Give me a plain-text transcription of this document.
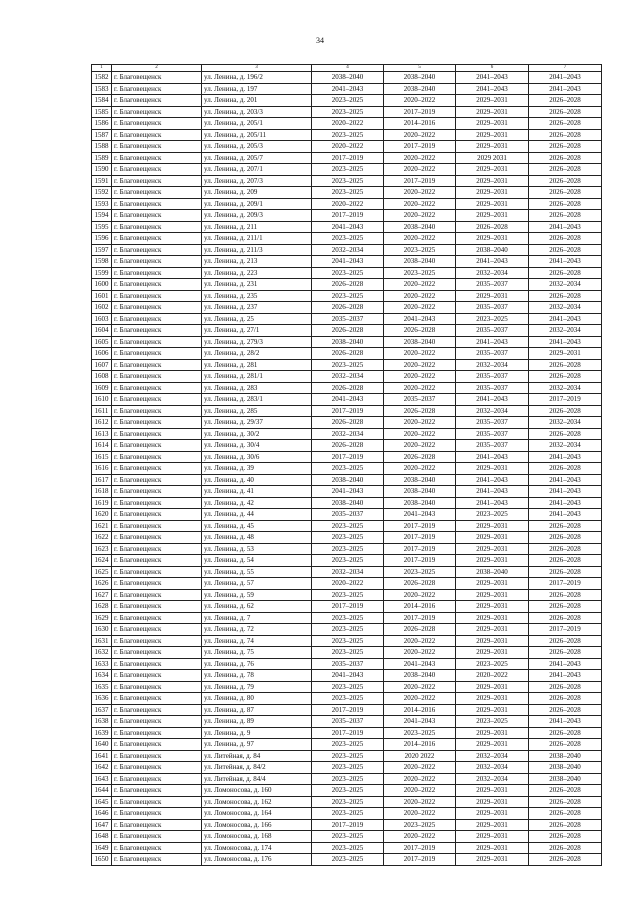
34
1	2	3	4	5	6	7
1582	г. Благовещенск	ул. Ленина, д. 196/2	2038–2040	2038–2040	2041–2043	2041–2043
1583	г. Благовещенск	ул. Ленина, д. 197	2041–2043	2038–2040	2041–2043	2041–2043
1584	г. Благовещенск	ул. Ленина, д. 201	2023–2025	2020–2022	2029–2031	2026–2028
1585	г. Благовещенск	ул. Ленина, д. 203/3	2023–2025	2017–2019	2029–2031	2026–2028
1586	г. Благовещенск	ул. Ленина, д. 205/1	2020–2022	2014–2016	2029–2031	2026–2028
1587	г. Благовещенск	ул. Ленина, д. 205/11	2023–2025	2020–2022	2029–2031	2026–2028
1588	г. Благовещенск	ул. Ленина, д. 205/3	2020–2022	2017–2019	2029–2031	2026–2028
1589	г. Благовещенск	ул. Ленина, д. 205/7	2017–2019	2020–2022	2029 2031	2026–2028
1590	г. Благовещенск	ул. Ленина, д. 207/1	2023–2025	2020–2022	2029–2031	2026–2028
1591	г. Благовещенск	ул. Ленина, д. 207/3	2023–2025	2017–2019	2029–2031	2026–2028
1592	г. Благовещенск	ул. Ленина, д. 209	2023–2025	2020–2022	2029–2031	2026–2028
1593	г. Благовещенск	ул. Ленина, д. 209/1	2020–2022	2020–2022	2029–2031	2026–2028
1594	г. Благовещенск	ул. Ленина, д. 209/3	2017–2019	2020–2022	2029–2031	2026–2028
1595	г. Благовещенск	ул. Ленина, д. 211	2041–2043	2038–2040	2026–2028	2041–2043
1596	г. Благовещенск	ул. Ленина, д. 211/1	2023–2025	2020–2022	2029–2031	2026–2028
1597	г. Благовещенск	ул. Ленина, д. 211/3	2032–2034	2023–2025	2038–2040	2026–2028
1598	г. Благовещенск	ул. Ленина, д. 213	2041–2043	2038–2040	2041–2043	2041–2043
1599	г. Благовещенск	ул. Ленина, д. 223	2023–2025	2023–2025	2032–2034	2026–2028
1600	г. Благовещенск	ул. Ленина, д. 231	2026–2028	2020–2022	2035–2037	2032–2034
1601	г. Благовещенск	ул. Ленина, д. 235	2023–2025	2020–2022	2029–2031	2026–2028
1602	г. Благовещенск	ул. Ленина, д. 237	2026–2028	2020–2022	2035–2037	2032–2034
1603	г. Благовещенск	ул. Ленина, д. 25	2035–2037	2041–2043	2023–2025	2041–2043
1604	г. Благовещенск	ул. Ленина, д. 27/1	2026–2028	2026–2028	2035–2037	2032–2034
1605	г. Благовещенск	ул. Ленина, д. 279/3	2038–2040	2038–2040	2041–2043	2041–2043
1606	г. Благовещенск	ул. Ленина, д. 28/2	2026–2028	2020–2022	2035–2037	2029–2031
1607	г. Благовещенск	ул. Ленина, д. 281	2023–2025	2020–2022	2032–2034	2026–2028
1608	г. Благовещенск	ул. Ленина, д. 281/1	2032–2034	2020–2022	2035–2037	2026–2028
1609	г. Благовещенск	ул. Ленина, д. 283	2026–2028	2020–2022	2035–2037	2032–2034
1610	г. Благовещенск	ул. Ленина, д. 283/1	2041–2043	2035–2037	2041–2043	2017–2019
1611	г. Благовещенск	ул. Ленина, д. 285	2017–2019	2026–2028	2032–2034	2026–2028
1612	г. Благовещенск	ул. Ленина, д. 29/37	2026–2028	2020–2022	2035–2037	2032–2034
1613	г. Благовещенск	ул. Ленина, д. 30/2	2032–2034	2020–2022	2035–2037	2026–2028
1614	г. Благовещенск	ул. Ленина, д. 30/4	2026–2028	2020–2022	2035–2037	2032–2034
1615	г. Благовещенск	ул. Ленина, д. 30/6	2017–2019	2026–2028	2041–2043	2041–2043
1616	г. Благовещенск	ул. Ленина, д. 39	2023–2025	2020–2022	2029–2031	2026–2028
1617	г. Благовещенск	ул. Ленина, д. 40	2038–2040	2038–2040	2041–2043	2041–2043
1618	г. Благовещенск	ул. Ленина, д. 41	2041–2043	2038–2040	2041–2043	2041–2043
1619	г. Благовещенск	ул. Ленина, д. 42	2038–2040	2038–2040	2041–2043	2041–2043
1620	г. Благовещенск	ул. Ленина, д. 44	2035–2037	2041–2043	2023–2025	2041–2043
1621	г. Благовещенск	ул. Ленина, д. 45	2023–2025	2017–2019	2029–2031	2026–2028
1622	г. Благовещенск	ул. Ленина, д. 48	2023–2025	2017–2019	2029–2031	2026–2028
1623	г. Благовещенск	ул. Ленина, д. 53	2023–2025	2017–2019	2029–2031	2026–2028
1624	г. Благовещенск	ул. Ленина, д. 54	2023–2025	2017–2019	2029–2031	2026–2028
1625	г. Благовещенск	ул. Ленина, д. 55	2032–2034	2023–2025	2038–2040	2026–2028
1626	г. Благовещенск	ул. Ленина, д. 57	2020–2022	2026–2028	2029–2031	2017–2019
1627	г. Благовещенск	ул. Ленина, д. 59	2023–2025	2020–2022	2029–2031	2026–2028
1628	г. Благовещенск	ул. Ленина, д. 62	2017–2019	2014–2016	2029–2031	2026–2028
1629	г. Благовещенск	ул. Ленина, д. 7	2023–2025	2017–2019	2029–2031	2026–2028
1630	г. Благовещенск	ул. Ленина, д. 72	2023–2025	2026–2028	2029–2031	2017–2019
1631	г. Благовещенск	ул. Ленина, д. 74	2023–2025	2020–2022	2029–2031	2026–2028
1632	г. Благовещенск	ул. Ленина, д. 75	2023–2025	2020–2022	2029–2031	2026–2028
1633	г. Благовещенск	ул. Ленина, д. 76	2035–2037	2041–2043	2023–2025	2041–2043
1634	г. Благовещенск	ул. Ленина, д. 78	2041–2043	2038–2040	2020–2022	2041–2043
1635	г. Благовещенск	ул. Ленина, д. 79	2023–2025	2020–2022	2029–2031	2026–2028
1636	г. Благовещенск	ул. Ленина, д. 80	2023–2025	2020–2022	2029–2031	2026–2028
1637	г. Благовещенск	ул. Ленина, д. 87	2017–2019	2014–2016	2029–2031	2026–2028
1638	г. Благовещенск	ул. Ленина, д. 89	2035–2037	2041–2043	2023–2025	2041–2043
1639	г. Благовещенск	ул. Ленина, д. 9	2017–2019	2023–2025	2029–2031	2026–2028
1640	г. Благовещенск	ул. Ленина, д. 97	2023–2025	2014–2016	2029–2031	2026–2028
1641	г. Благовещенск	ул. Литейная, д. 84	2023–2025	2020 2022	2032–2034	2038–2040
1642	г. Благовещенск	ул. Литейная, д. 84/2	2023–2025	2020–2022	2032–2034	2038–2040
1643	г. Благовещенск	ул. Литейная, д. 84/4	2023–2025	2020–2022	2032–2034	2038–2040
1644	г. Благовещенск	ул. Ломоносова, д. 160	2023–2025	2020–2022	2029–2031	2026–2028
1645	г. Благовещенск	ул. Ломоносова, д. 162	2023–2025	2020–2022	2029–2031	2026–2028
1646	г. Благовещенск	ул. Ломоносова, д. 164	2023–2025	2020–2022	2029–2031	2026–2028
1647	г. Благовещенск	ул. Ломоносова, д. 166	2017–2019	2023–2025	2029–2031	2026–2028
1648	г. Благовещенск	ул. Ломоносова, д. 168	2023–2025	2020–2022	2029–2031	2026–2028
1649	г. Благовещенск	ул. Ломоносова, д. 174	2023–2025	2017–2019	2029–2031	2026–2028
1650	г. Благовещенск	ул. Ломоносова, д. 176	2023–2025	2017–2019	2029–2031	2026–2028
